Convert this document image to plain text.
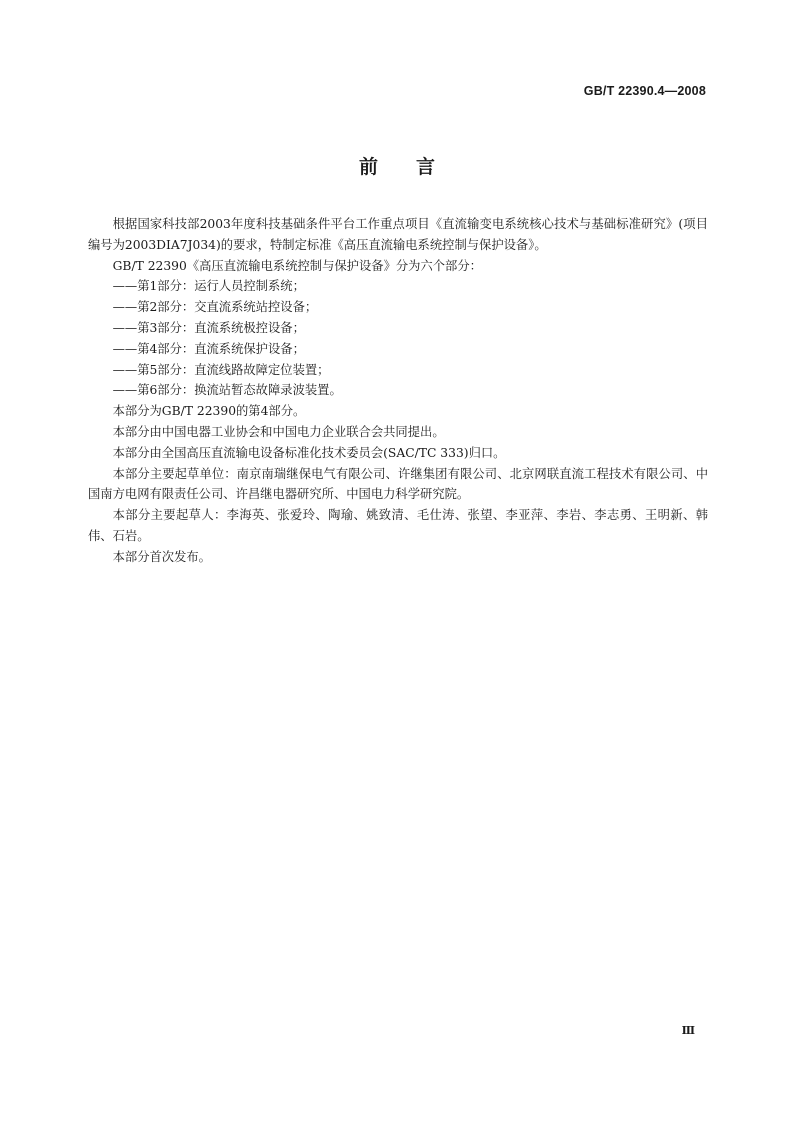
GB/T 22390.4—2008
前言

根据国家科技部2003年度科技基础条件平台工作重点项目《直流输变电系统核心技术与基础标准研究》(项目编号为2003DIA7J034)的要求，特制定标准《高压直流输电系统控制与保护设备》。

GB/T 22390《高压直流输电系统控制与保护设备》分为六个部分：

——第1部分：运行人员控制系统；

——第2部分：交直流系统站控设备；

——第3部分：直流系统极控设备；

——第4部分：直流系统保护设备；

——第5部分：直流线路故障定位装置；

——第6部分：换流站暂态故障录波装置。

本部分为GB/T 22390的第4部分。

本部分由中国电器工业协会和中国电力企业联合会共同提出。

本部分由全国高压直流输电设备标准化技术委员会(SAC/TC 333)归口。

本部分主要起草单位：南京南瑞继保电气有限公司、许继集团有限公司、北京网联直流工程技术有限公司、中国南方电网有限责任公司、许昌继电器研究所、中国电力科学研究院。

本部分主要起草人：李海英、张爱玲、陶瑜、姚致清、毛仕涛、张望、李亚萍、李岩、李志勇、王明新、韩伟、石岩。

本部分首次发布。

Ⅲ
